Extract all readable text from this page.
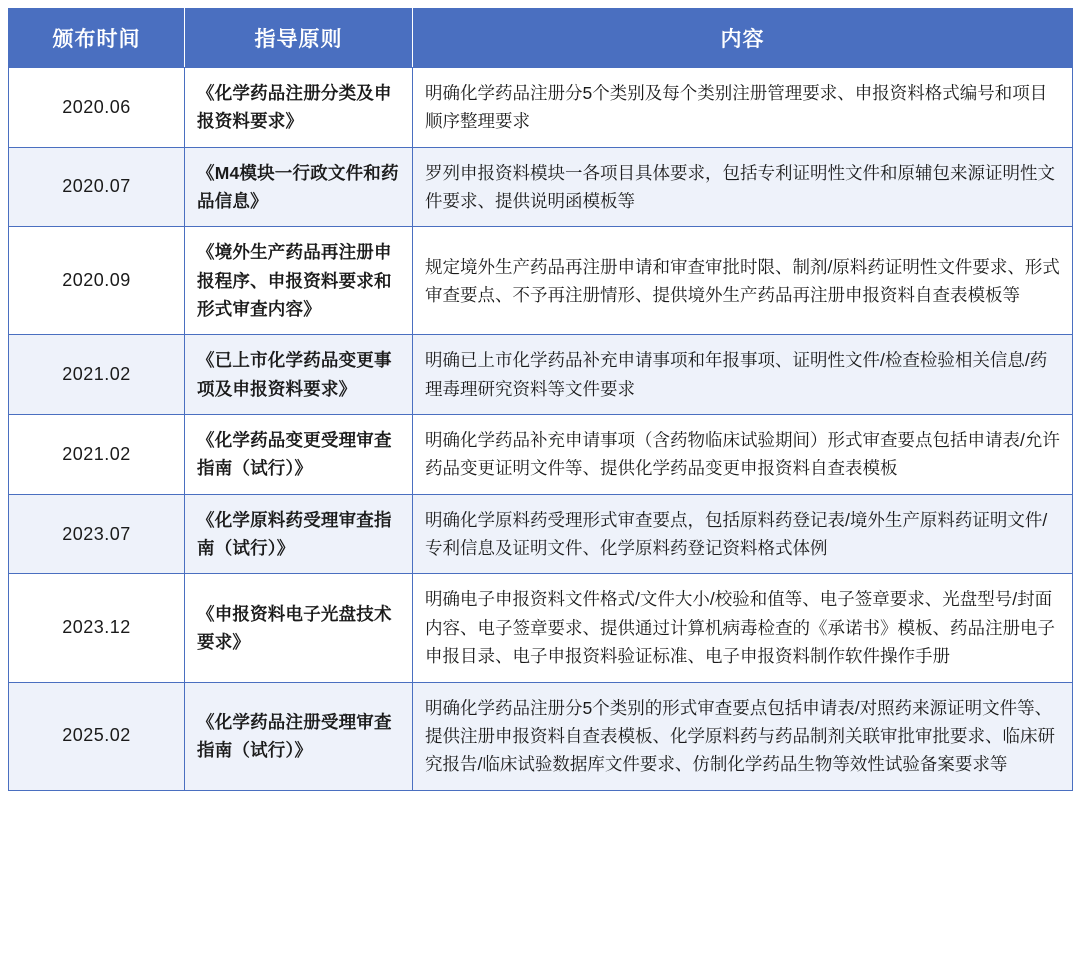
颁布时间	指导原则	内容
2020.06	《化学药品注册分类及申报资料要求》	明确化学药品注册分5个类别及每个类别注册管理要求、申报资料格式编号和项目顺序整理要求
2020.07	《M4模块一行政文件和药品信息》	罗列申报资料模块一各项目具体要求，包括专利证明性文件和原辅包来源证明性文件要求、提供说明函模板等
2020.09	《境外生产药品再注册申报程序、申报资料要求和形式审查内容》	规定境外生产药品再注册申请和审查审批时限、制剂/原料药证明性文件要求、形式审查要点、不予再注册情形、提供境外生产药品再注册申报资料自查表模板等
2021.02	《已上市化学药品变更事项及申报资料要求》	明确已上市化学药品补充申请事项和年报事项、证明性文件/检查检验相关信息/药理毒理研究资料等文件要求
2021.02	《化学药品变更受理审查指南（试行）》	明确化学药品补充申请事项（含药物临床试验期间）形式审查要点包括申请表/允许药品变更证明文件等、提供化学药品变更申报资料自查表模板
2023.07	《化学原料药受理审查指南（试行）》	明确化学原料药受理形式审查要点，包括原料药登记表/境外生产原料药证明文件/专利信息及证明文件、化学原料药登记资料格式体例
2023.12	《申报资料电子光盘技术要求》	明确电子申报资料文件格式/文件大小/校验和值等、电子签章要求、光盘型号/封面内容、电子签章要求、提供通过计算机病毒检查的《承诺书》模板、药品注册电子申报目录、电子申报资料验证标准、电子申报资料制作软件操作手册
2025.02	《化学药品注册受理审查指南（试行）》	明确化学药品注册分5个类别的形式审查要点包括申请表/对照药来源证明文件等、提供注册申报资料自查表模板、化学原料药与药品制剂关联审批审批要求、临床研究报告/临床试验数据库文件要求、仿制化学药品生物等效性试验备案要求等
